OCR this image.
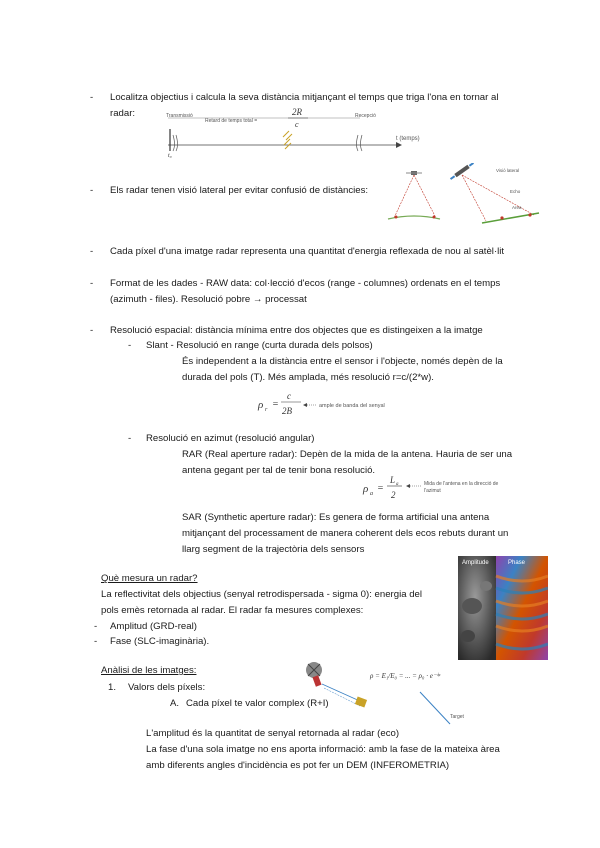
- Localitza objectius i calcula la seva distància mitjançant el temps que triga l'ona en tornar al
radar:	Transmissió
Retard de temps total =
2R
c
Recepció
t (temps)
t₀
- Els radar tenen visió lateral per evitar confusió de distàncies:
Visió lateral
Echo
Area
- Cada píxel d'una imatge radar representa una quantitat d'energia reflexada de nou al satèl·lit
- Format de les dades - RAW data: col·lecció d'ecos (range - columnes) ordenats en el temps
(azimuth - files). Resolució pobre → processat
- Resolució espacial: distància mínima entre dos objectes que es distingeixen a la imatge
- Slant - Resolució en range (curta durada dels polsos)
És independent a la distància entre el sensor i l'objecte, només depèn de la
durada del pols (T). Més amplada, més resolució r=c/(2*w).
ρ r =
c
2B	ample de banda del senyal
- Resolució en azimut (resolució angular)
RAR (Real aperture radar): Depèn de la mida de la antena. Hauria de ser una
antena gegant per tal de tenir bona resolució.
ρ a =
L a
2
Mida de l'antena en la direcció de
l'azimut
SAR (Synthetic aperture radar): Es genera de forma artificial una antena
mitjançant del processament de manera coherent dels ecos rebuts durant un
llarg segment de la trajectòria dels sensors
Què mesura un radar?
La reflectivitat dels objectius (senyal retrodispersada - sigma 0): energia del
pols emès retornada al radar. El radar fa mesures complexes:
- Amplitud (GRD-real)
- Fase (SLC-imaginària).
Amplitude	Phase
Anàlisi de les imatges:
1. Valors dels píxels:
A. Cada píxel te valor complex (R+I)
ρ = E₁/E₀ = ... = ρ₀ · e⁻ⁱᵠ
Target
L'amplitud és la quantitat de senyal retornada al radar (eco)
La fase d'una sola imatge no ens aporta informació: amb la fase de la mateixa àrea
amb diferents angles d'incidència es pot fer un DEM (INFEROMETRIA)
